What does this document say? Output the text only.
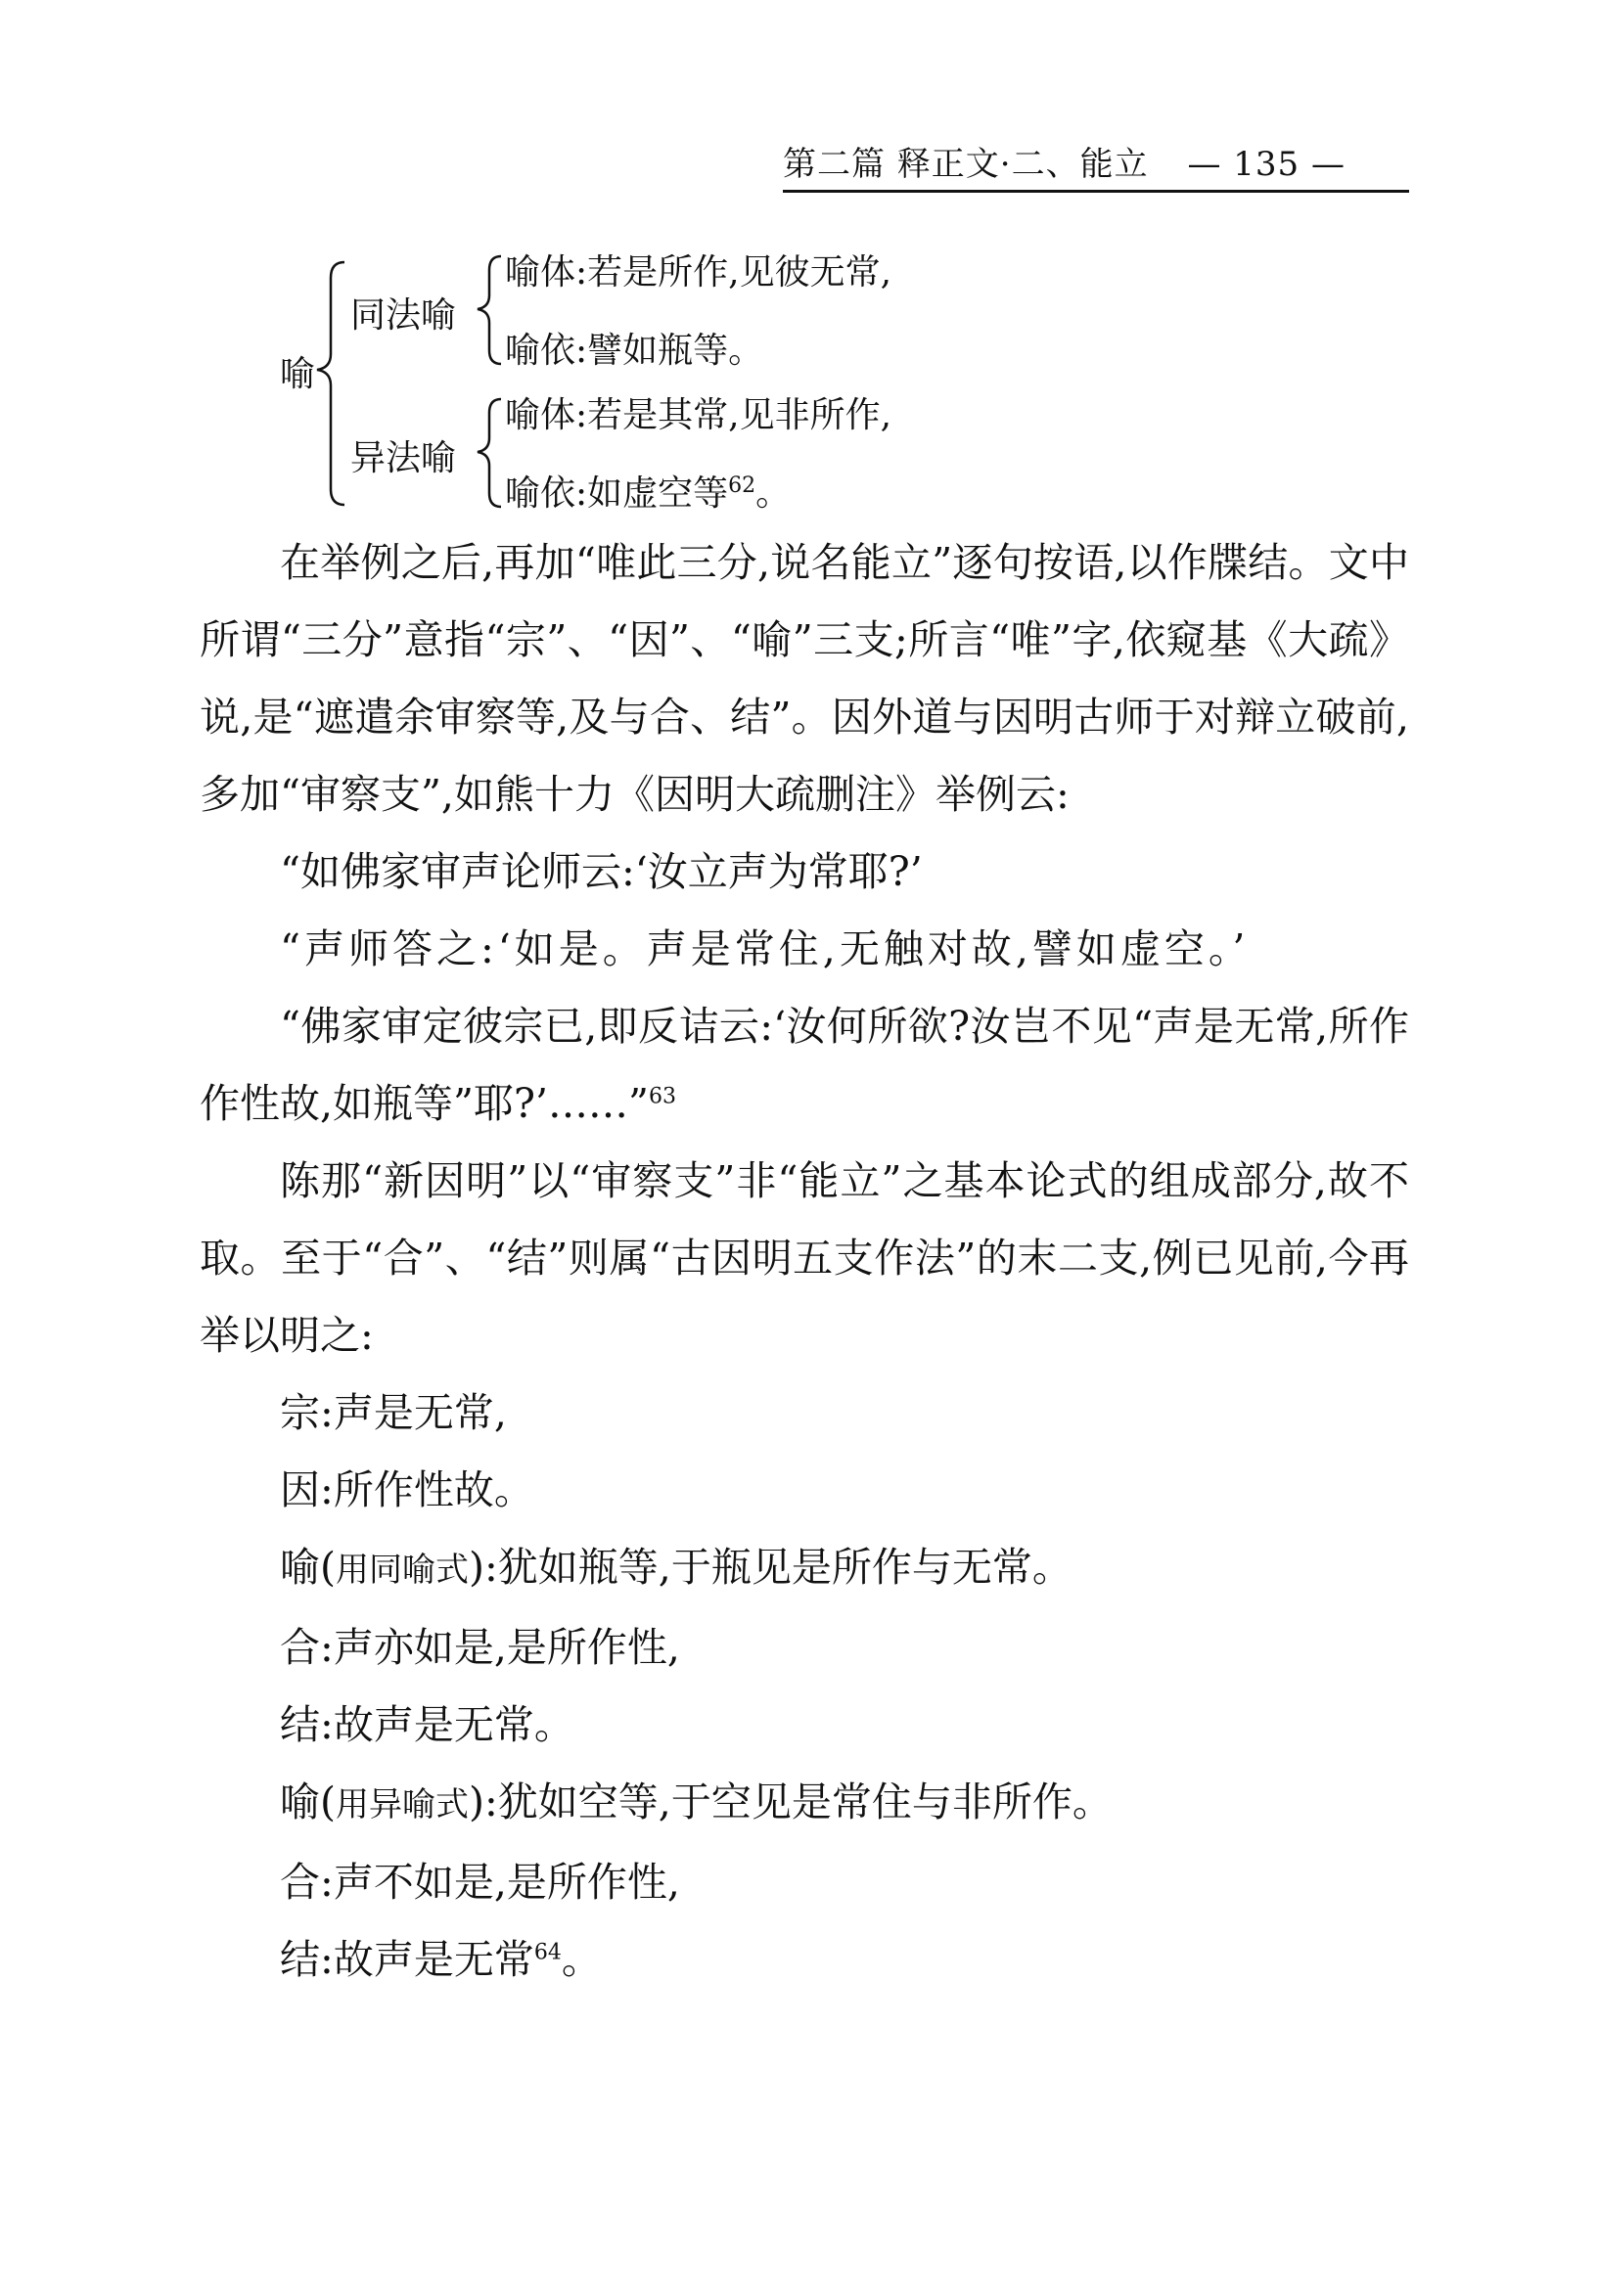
第二篇 释正文·二、能立 — 135 —
喻
同法喻
喻体:若是所作,见彼无常,
喻依:譬如瓶等。
异法喻
喻体:若是其常,见非所作,
喻依:如虚空等$^{62}$。

在举例之后,再加“唯此三分,说名能立”逐句按语,以作牒结。文中所谓“三分”意指“宗”、“因”、“喻”三支;所言“唯”字,依窥基《大疏》说,是“遮遣余审察等,及与合、结”。因外道与因明古师于对辩立破前,多加“审察支”,如熊十力《因明大疏删注》举例云:

“如佛家审声论师云:‘汝立声为常耶?’

“声师答之:‘如是。声是常住,无触对故,譬如虚空。’

“佛家审定彼宗已,即反诘云:‘汝何所欲?汝岂不见“声是无常,所作作性故,如瓶等”耶?’……”$^{63}$

陈那“新因明”以“审察支”非“能立”之基本论式的组成部分,故不取。至于“合”、“结”则属“古因明五支作法”的末二支,例已见前,今再举以明之:

宗:声是无常,

因:所作性故。

喻(用同喻式):犹如瓶等,于瓶见是所作与无常。

合:声亦如是,是所作性,

结:故声是无常。

喻(用异喻式):犹如空等,于空见是常住与非所作。

合:声不如是,是所作性,

结:故声是无常$^{64}$。
